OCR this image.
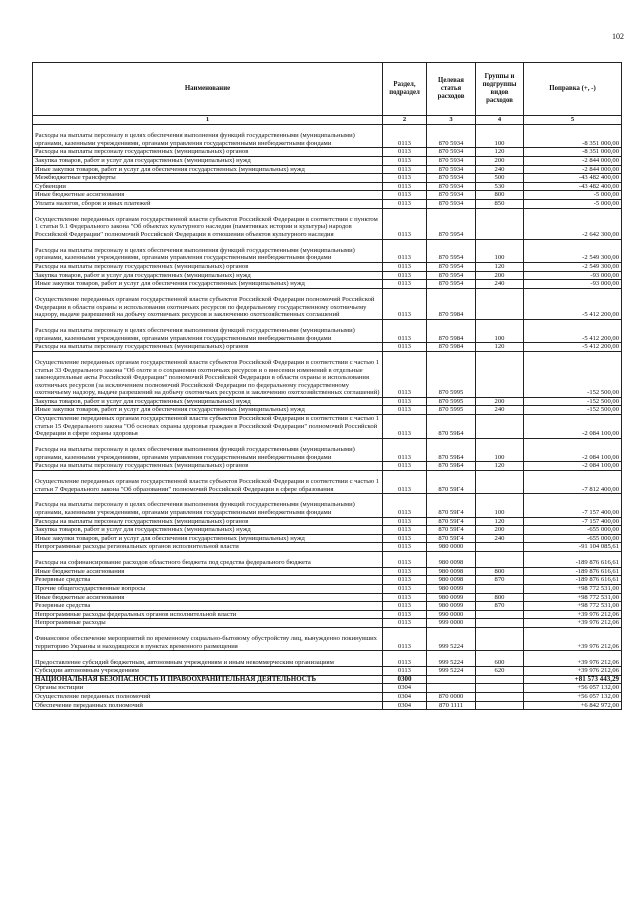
102
Наименование	Раздел, подраздел	Целевая статья расходов	Группы и подгруппы видов расходов	Поправка (+, -)
1	2	3	4	5
Расходы на выплаты персоналу в целях обеспечения выполнения функций государственными (муниципальными) органами, казенными учреждениями, органами управления государственными внебюджетными фондами	0113	870 5934	100	-8 351 000,00
Расходы на выплаты персоналу государственных (муниципальных) органов	0113	870 5934	120	-8 351 000,00
Закупка товаров, работ и услуг для государственных (муниципальных) нужд	0113	870 5934	200	-2 844 000,00
Иные закупки товаров, работ и услуг для обеспечения государственных (муниципальных) нужд	0113	870 5934	240	-2 844 000,00
Межбюджетные трансферты	0113	870 5934	500	-43 482 400,00
Субвенции	0113	870 5934	530	-43 482 400,00
Иные бюджетные ассигнования	0113	870 5934	800	-5 000,00
Уплата налогов, сборов и иных платежей	0113	870 5934	850	-5 000,00
Осуществление переданных органам государственной власти субъектов Российской Федерации в соответствии с пунктом 1 статьи 9.1 Федерального закона "Об объектах культурного наследия (памятниках истории и культуры) народов Российской Федерации" полномочий Российской Федерации в отношении объектов культурного наследия	0113	870 5954		-2 642 300,00
Расходы на выплаты персоналу в целях обеспечения выполнения функций государственными (муниципальными) органами, казенными учреждениями, органами управления государственными внебюджетными фондами	0113	870 5954	100	-2 549 300,00
Расходы на выплаты персоналу государственных (муниципальных) органов	0113	870 5954	120	-2 549 300,00
Закупка товаров, работ и услуг для государственных (муниципальных) нужд	0113	870 5954	200	-93 000,00
Иные закупки товаров, работ и услуг для обеспечения государственных (муниципальных) нужд	0113	870 5954	240	-93 000,00
Осуществление переданных органам государственной власти субъектов Российской Федерации полномочий Российской Федерации в области охраны и использования охотничьих ресурсов по федеральному государственному охотничьему надзору, выдаче разрешений на добычу охотничьих ресурсов и заключению охотхозяйственных соглашений	0113	870 5984		-5 412 200,00
Расходы на выплаты персоналу в целях обеспечения выполнения функций государственными (муниципальными) органами, казенными учреждениями, органами управления государственными внебюджетными фондами	0113	870 5984	100	-5 412 200,00
Расходы на выплаты персоналу государственных (муниципальных) органов	0113	870 5984	120	-5 412 200,00
Осуществление переданных органам государственной власти субъектов Российской Федерации в соответствии с частью 1 статьи 33 Федерального закона "Об охоте и о сохранении охотничьих ресурсов и о внесении изменений в отдельные законодательные акты Российской Федерации" полномочий Российской Федерации в области охраны и использования охотничьих ресурсов (за исключением полномочий Российской Федерации по федеральному государственному охотничьему надзору, выдаче разрешений на добычу охотничьих ресурсов и заключению охотхозяйственных соглашений)	0113	870 5995		-152 500,00
Закупка товаров, работ и услуг для государственных (муниципальных) нужд	0113	870 5995	200	-152 500,00
Иные закупки товаров, работ и услуг для обеспечения государственных (муниципальных) нужд	0113	870 5995	240	-152 500,00
Осуществление переданных органам государственной власти субъектов Российской Федерации в соответствии с частью 1 статьи 15 Федерального закона "Об основах охраны здоровья граждан в Российской Федерации" полномочий Российской Федерации в сфере охраны здоровья	0113	870 59Б4		-2 084 100,00
Расходы на выплаты персоналу в целях обеспечения выполнения функций государственными (муниципальными) органами, казенными учреждениями, органами управления государственными внебюджетными фондами	0113	870 59Б4	100	-2 084 100,00
Расходы на выплаты персоналу государственных (муниципальных) органов	0113	870 59Б4	120	-2 084 100,00
Осуществление переданных органам государственной власти субъектов Российской Федерации в соответствии с частью 1 статьи 7 Федерального закона "Об образовании" полномочий Российской Федерации в сфере образования	0113	870 59Г4		-7 812 400,00
Расходы на выплаты персоналу в целях обеспечения выполнения функций государственными (муниципальными) органами, казенными учреждениями, органами управления государственными внебюджетными фондами	0113	870 59Г4	100	-7 157 400,00
Расходы на выплаты персоналу государственных (муниципальных) органов	0113	870 59Г4	120	-7 157 400,00
Закупка товаров, работ и услуг для государственных (муниципальных) нужд	0113	870 59Г4	200	-655 000,00
Иные закупки товаров, работ и услуг для обеспечения государственных (муниципальных) нужд	0113	870 59Г4	240	-655 000,00
Непрограммные расходы региональных органов исполнительной власти	0113	980 0000		-91 104 085,61
Расходы на софинансирование расходов областного бюджета под средства федерального бюджета	0113	980 0098		-189 876 616,61
Иные бюджетные ассигнования	0113	980 0098	800	-189 876 616,61
Резервные средства	0113	980 0098	870	-189 876 616,61
Прочие общегосударственные вопросы	0113	980 0099		+98 772 531,00
Иные бюджетные ассигнования	0113	980 0099	800	+98 772 531,00
Резервные средства	0113	980 0099	870	+98 772 531,00
Непрограммные расходы федеральных органов исполнительной власти	0113	990 0000		+39 976 212,06
Непрограммные расходы	0113	999 0000		+39 976 212,06
Финансовое обеспечение мероприятий по временному социально-бытовому обустройству лиц, вынужденно покинувших территорию Украины и находящихся в пунктах временного размещения	0113	999 5224		+39 976 212,06
Предоставление субсидий бюджетным, автономным учреждениям и иным некоммерческим организациям	0113	999 5224	600	+39 976 212,06
Субсидии автономным учреждениям	0113	999 5224	620	+39 976 212,06
НАЦИОНАЛЬНАЯ БЕЗОПАСНОСТЬ И ПРАВООХРАНИТЕЛЬНАЯ ДЕЯТЕЛЬНОСТЬ	0300			+81 573 443,29
Органы юстиции	0304			+56 057 132,00
Осуществление переданных полномочий	0304	870 0000		+56 057 132,00
Обеспечение переданных полномочий	0304	870 1111		+6 842 972,00
